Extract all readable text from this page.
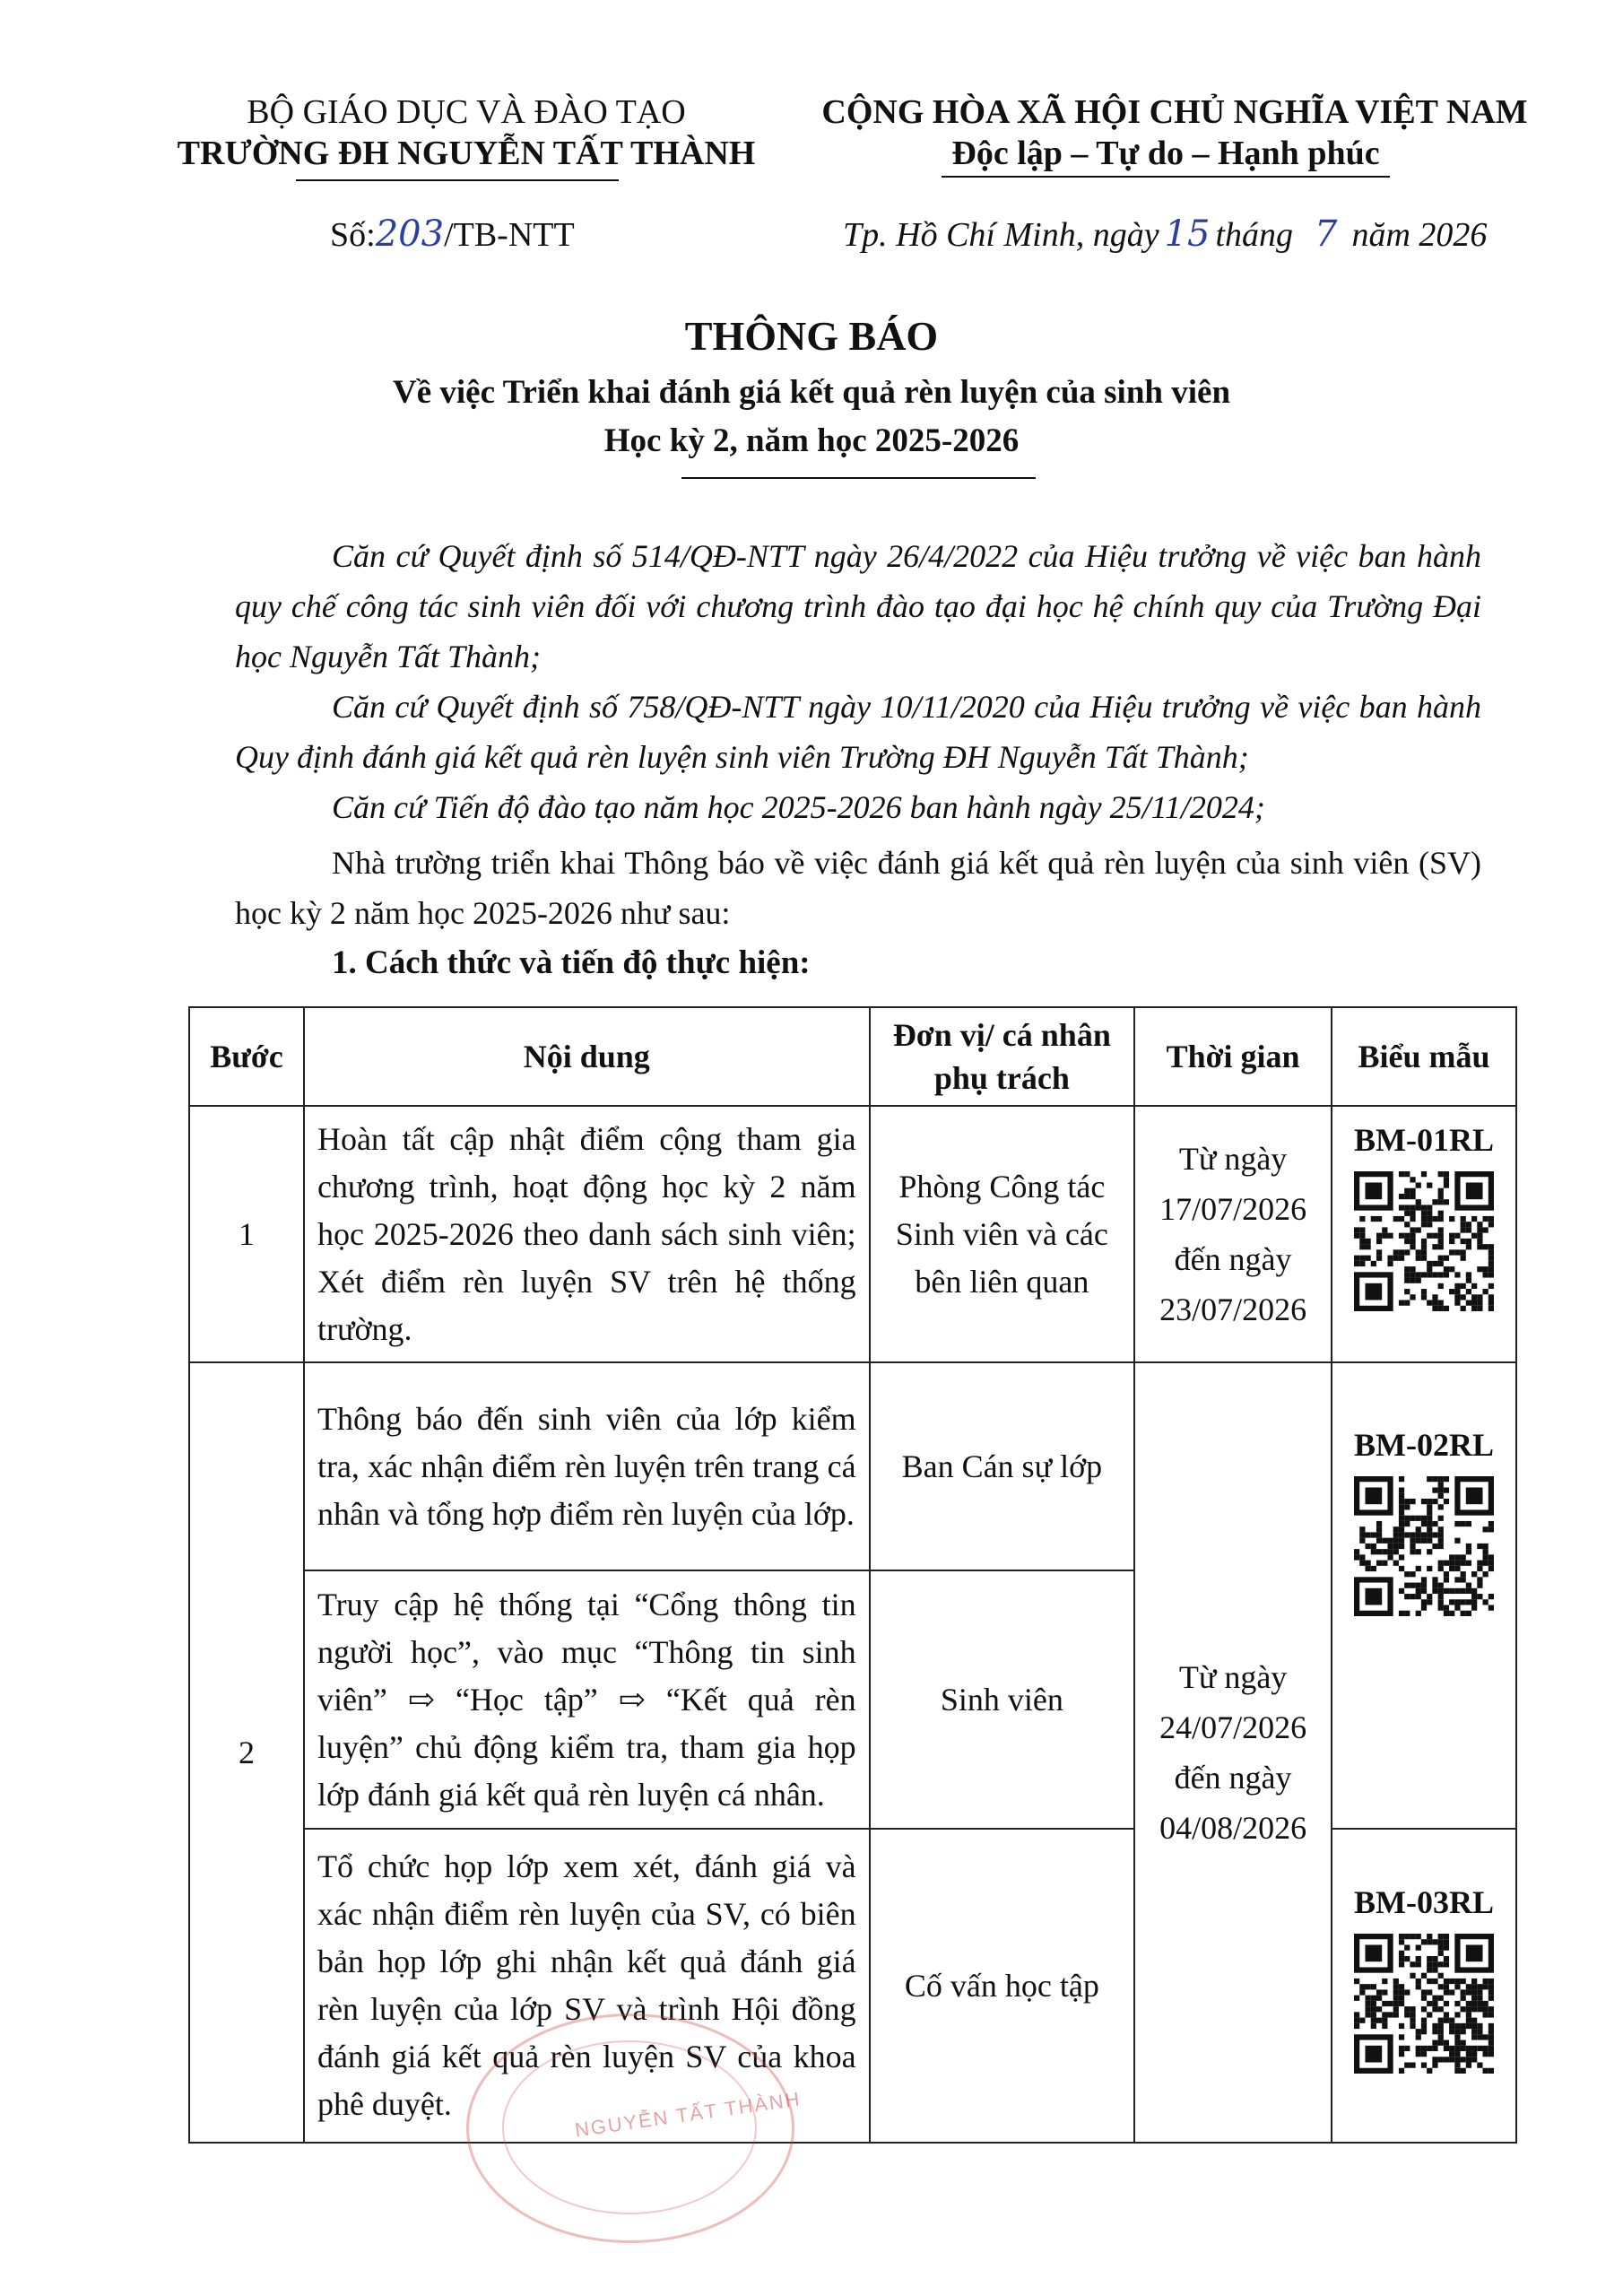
BỘ GIÁO DỤC VÀ ĐÀO TẠO
TRƯỜNG ĐH NGUYỄN TẤT THÀNH
CỘNG HÒA XÃ HỘI CHỦ NGHĨA VIỆT NAM
Độc lập – Tự do – Hạnh phúc
Số:203/TB-NTT	Tp. Hồ Chí Minh, ngày 15 tháng 7 năm 2026
THÔNG BÁO
Về việc Triển khai đánh giá kết quả rèn luyện của sinh viên
Học kỳ 2, năm học 2025-2026
Căn cứ Quyết định số 514/QĐ-NTT ngày 26/4/2022 của Hiệu trưởng về việc ban hành quy chế công tác sinh viên đối với chương trình đào tạo đại học hệ chính quy của Trường Đại học Nguyễn Tất Thành;
Căn cứ Quyết định số 758/QĐ-NTT ngày 10/11/2020 của Hiệu trưởng về việc ban hành Quy định đánh giá kết quả rèn luyện sinh viên Trường ĐH Nguyễn Tất Thành;
Căn cứ Tiến độ đào tạo năm học 2025-2026 ban hành ngày 25/11/2024;
Nhà trường triển khai Thông báo về việc đánh giá kết quả rèn luyện của sinh viên (SV) học kỳ 2 năm học 2025-2026 như sau:
1. Cách thức và tiến độ thực hiện:
Bước	Nội dung	Đơn vị/ cá nhân phụ trách	Thời gian	Biểu mẫu
1	Hoàn tất cập nhật điểm cộng tham gia chương trình, hoạt động học kỳ 2 năm học 2025-2026 theo danh sách sinh viên; Xét điểm rèn luyện SV trên hệ thống trường.	Phòng Công tác Sinh viên và các bên liên quan	Từ ngày 17/07/2026 đến ngày 23/07/2026	BM-01RL

2	Thông báo đến sinh viên của lớp kiểm tra, xác nhận điểm rèn luyện trên trang cá nhân và tổng hợp điểm rèn luyện của lớp.	Ban Cán sự lớp	Từ ngày 24/07/2026 đến ngày 04/08/2026	BM-02RL

	Truy cập hệ thống tại “Cổng thông tin người học”, vào mục “Thông tin sinh viên” ⇨ “Học tập” ⇨ “Kết quả rèn luyện” chủ động kiểm tra, tham gia họp lớp đánh giá kết quả rèn luyện cá nhân.	Sinh viên		
	Tổ chức họp lớp xem xét, đánh giá và xác nhận điểm rèn luyện của SV, có biên bản họp lớp ghi nhận kết quả đánh giá rèn luyện của lớp SV và trình Hội đồng đánh giá kết quả rèn luyện SV của khoa phê duyệt.	Cố vấn học tập		BM-03RL
NGUYỄN TẤT THÀNH
